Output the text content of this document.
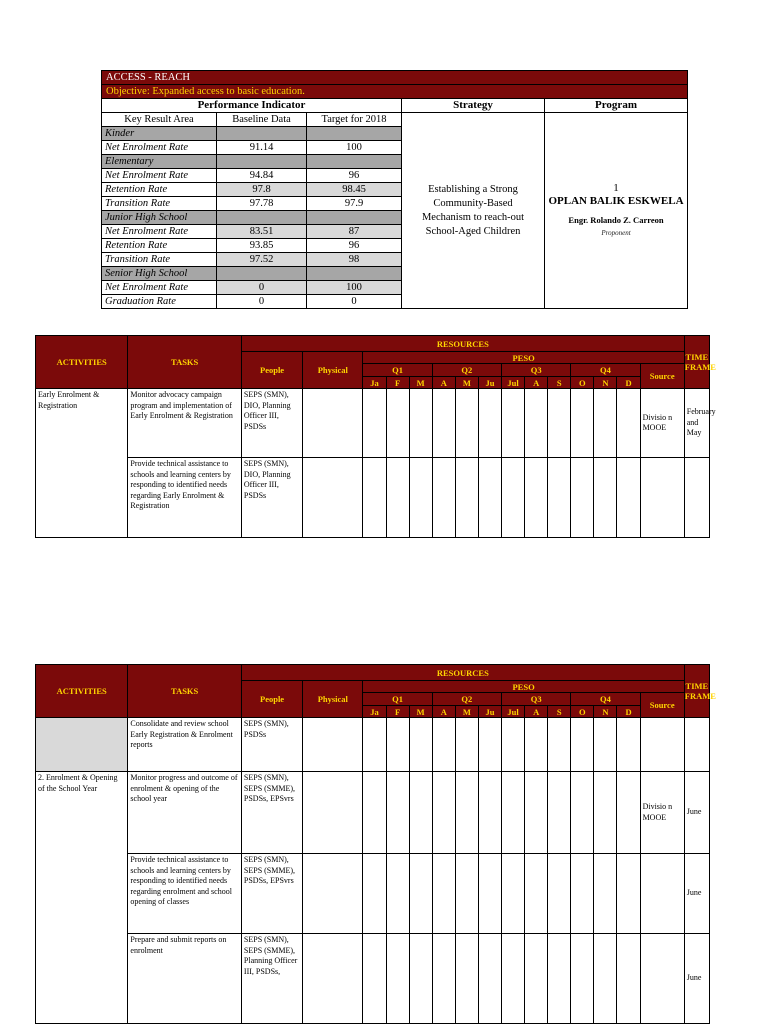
ACCESS - REACH				
Objective: Expanded access to basic education.				
Performance Indicator			Strategy	Program
Key Result Area	Baseline Data	Target for 2018	Establishing a Strong Community-Based Mechanism to reach-out School-Aged Children	1
OPLAN BALIK ESKWELA
Engr. Rolando Z. Carreon
Proponent

Kinder				
Net Enrolment Rate	91.14	100		
Elementary				
Net Enrolment Rate	94.84	96		
Retention Rate	97.8	98.45		
Transition Rate	97.78	97.9		
Junior High School				
Net Enrolment Rate	83.51	87		
Retention Rate	93.85	96		
Transition Rate	97.52	98		
Senior High School				
Net Enrolment Rate	0	100		
Graduation Rate	0	0		
ACTIVITIES	TASKS	RESOURCES															TIME FRAME
		People	Physical	PESO													
				Q1			Q2			Q3			Q4			Source	
				Ja	F	M	A	M	Ju	Jul	A	S	O	N	D		
Early Enrolment & Registration	Monitor advocacy campaign program and implementation of Early Enrolment & Registration	SEPS (SMN), DIO, Planning Officer III, PSDSs														Divisio n MOOE	February and May
	Provide technical assistance to schools and learning centers by responding to identified needs regarding Early Enrolment & Registration	SEPS (SMN), DIO, Planning Officer III, PSDSs															
ACTIVITIES	TASKS	RESOURCES															TIME FRAME
		People	Physical	PESO													
				Q1			Q2			Q3			Q4			Source	
				Ja	F	M	A	M	Ju	Jul	A	S	O	N	D		
	Consolidate and review school Early Registration & Enrolment reports	SEPS (SMN), PSDSs															
2. Enrolment & Opening of the School Year	Monitor progress and outcome of enrolment & opening of the school year	SEPS (SMN), SEPS (SMME), PSDSs, EPSvrs														Divisio n MOOE	June
	Provide technical assistance to schools and learning centers by responding to identified needs regarding enrolment and school opening of classes	SEPS (SMN), SEPS (SMME), PSDSs, EPSvrs															June
	Prepare and submit reports on enrolment	SEPS (SMN), SEPS (SMME), Planning Officer III, PSDSs,															June
